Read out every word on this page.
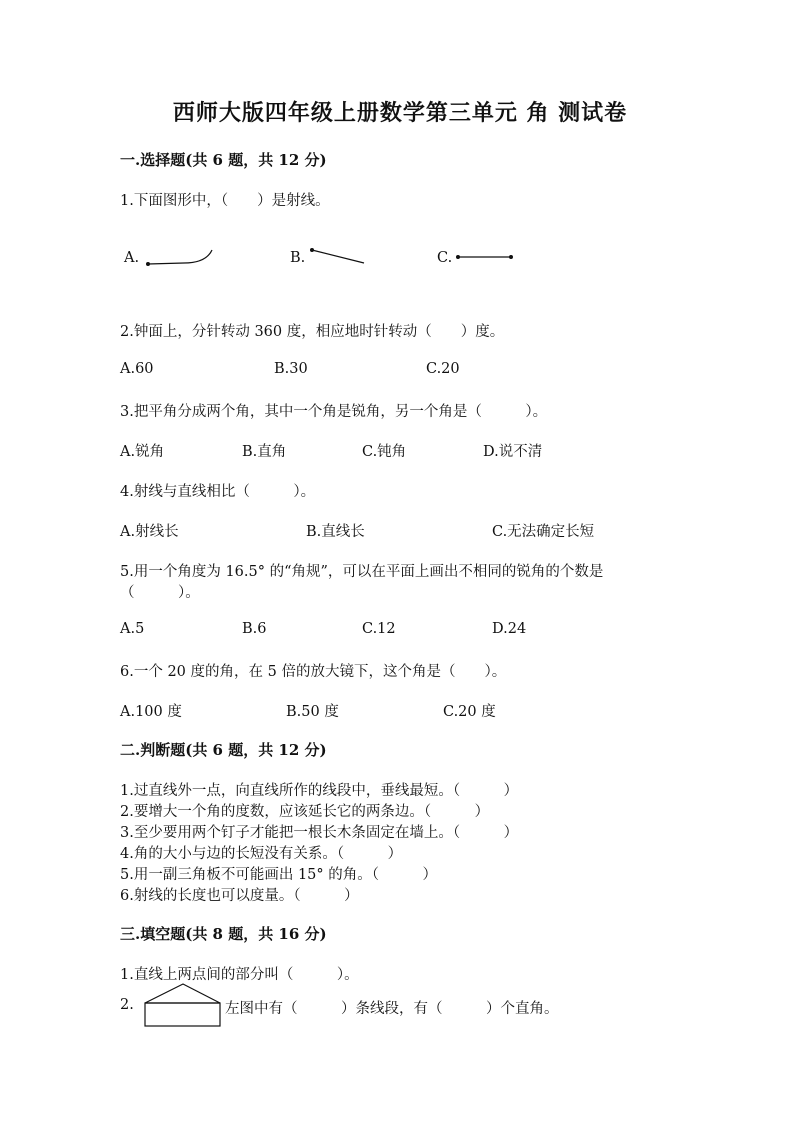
西师大版四年级上册数学第三单元 角 测试卷
一.选择题(共 6 题，共 12 分)
1.下面图形中，（　　）是射线。
A.	B.	C.
2.钟面上，分针转动 360 度，相应地时针转动（　　）度。
A.60	B.30	C.20
3.把平角分成两个角，其中一个角是锐角，另一个角是（　　　）。
A.锐角	B.直角	C.钝角	D.说不清
4.射线与直线相比（　　　）。
A.射线长	B.直线长	C.无法确定长短
5.用一个角度为 16.5° 的“角规”，可以在平面上画出不相同的锐角的个数是
（　　　）。
A.5	B.6	C.12	D.24
6.一个 20 度的角，在 5 倍的放大镜下，这个角是（　　）。
A.100 度	B.50 度	C.20 度
二.判断题(共 6 题，共 12 分)
1.过直线外一点，向直线所作的线段中，垂线最短。（　　　）
2.要增大一个角的度数，应该延长它的两条边。（　　　）
3.至少要用两个钉子才能把一根长木条固定在墙上。（　　　）
4.角的大小与边的长短没有关系。（　　　）
5.用一副三角板不可能画出 15° 的角。（　　　）
6.射线的长度也可以度量。（　　　）
三.填空题(共 8 题，共 16 分)
1.直线上两点间的部分叫（　　　）。
2.	左图中有（　　　）条线段，有（　　　）个直角。
